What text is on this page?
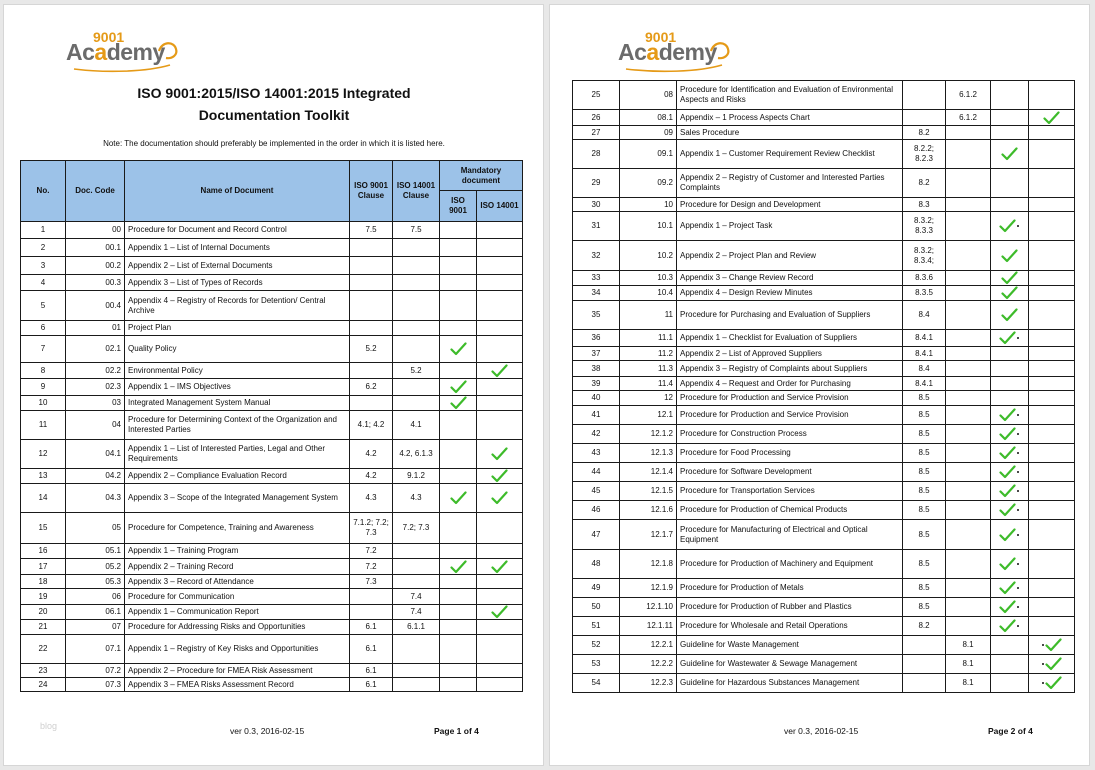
9001
Academy
ISO 9001:2015/ISO 14001:2015 Integrated
Documentation Toolkit
Note: The documentation should preferably be implemented in the order in which it is listed here.
No.	Doc. Code	Name of Document	ISO 9001 Clause	ISO 14001 Clause	Mandatory document	
					ISO 9001	ISO 14001
1	00	Procedure for Document and Record Control	7.5	7.5		
2	00.1	Appendix 1 – List of Internal Documents				
3	00.2	Appendix 2 – List of External Documents				
4	00.3	Appendix 3 – List of Types of Records				
5	00.4	Appendix 4 – Registry of Records for Detention/ Central Archive				
6	01	Project Plan				
7	02.1	Quality Policy	5.2			
8	02.2	Environmental Policy		5.2		
9	02.3	Appendix 1 – IMS Objectives	6.2			
10	03	Integrated Management System Manual				
11	04	Procedure for Determining Context of the Organization and Interested Parties	4.1; 4.2	4.1		
12	04.1	Appendix 1 – List of Interested Parties, Legal and Other Requirements	4.2	4.2, 6.1.3		
13	04.2	Appendix 2 – Compliance Evaluation Record	4.2	9.1.2		
14	04.3	Appendix 3 – Scope of the Integrated Management System	4.3	4.3		
15	05	Procedure for Competence, Training and Awareness	7.1.2; 7.2; 7.3	7.2; 7.3		
16	05.1	Appendix 1 – Training Program	7.2			
17	05.2	Appendix 2 – Training Record	7.2			
18	05.3	Appendix 3 – Record of Attendance	7.3			
19	06	Procedure for Communication		7.4		
20	06.1	Appendix 1 – Communication Report		7.4		
21	07	Procedure for Addressing Risks and Opportunities	6.1	6.1.1		
22	07.1	Appendix 1 – Registry of Key Risks and Opportunities	6.1			
23	07.2	Appendix 2 – Procedure for FMEA Risk Assessment	6.1			
24	07.3	Appendix 3 – FMEA Risks Assessment Record	6.1			
blog	ver 0.3, 2016-02-15	Page 1 of 4
9001
Academy
25	08	Procedure for Identification and Evaluation of Environmental Aspects and Risks		6.1.2		
26	08.1	Appendix – 1 Process Aspects Chart		6.1.2		
27	09	Sales Procedure	8.2			
28	09.1	Appendix 1 – Customer Requirement Review Checklist	8.2.2; 8.2.3			
29	09.2	Appendix 2 – Registry of Customer and Interested Parties Complaints	8.2			
30	10	Procedure for Design and Development	8.3			
31	10.1	Appendix 1 – Project Task	8.3.2; 8.3.3			
32	10.2	Appendix 2 – Project Plan and Review	8.3.2; 8.3.4;			
33	10.3	Appendix 3 – Change Review Record	8.3.6			
34	10.4	Appendix 4 – Design Review Minutes	8.3.5			
35	11	Procedure for Purchasing and Evaluation of Suppliers	8.4			
36	11.1	Appendix 1 – Checklist for Evaluation of Suppliers	8.4.1			
37	11.2	Appendix 2 – List of Approved Suppliers	8.4.1			
38	11.3	Appendix 3 – Registry of Complaints about Suppliers	8.4			
39	11.4	Appendix 4 – Request and Order for Purchasing	8.4.1			
40	12	Procedure for Production and Service Provision	8.5			
41	12.1	Procedure for Production and Service Provision	8.5			
42	12.1.2	Procedure for Construction Process	8.5			
43	12.1.3	Procedure for Food Processing	8.5			
44	12.1.4	Procedure for Software Development	8.5			
45	12.1.5	Procedure for Transportation Services	8.5			
46	12.1.6	Procedure for Production of Chemical Products	8.5			
47	12.1.7	Procedure for Manufacturing of Electrical and Optical Equipment	8.5			
48	12.1.8	Procedure for Production of Machinery and Equipment	8.5			
49	12.1.9	Procedure for Production of Metals	8.5			
50	12.1.10	Procedure for Production of Rubber and Plastics	8.5			
51	12.1.11	Procedure for Wholesale and Retail Operations	8.2			
52	12.2.1	Guideline for Waste Management		8.1		
53	12.2.2	Guideline for Wastewater & Sewage Management		8.1		
54	12.2.3	Guideline for Hazardous Substances Management		8.1		
ver 0.3, 2016-02-15	Page 2 of 4
